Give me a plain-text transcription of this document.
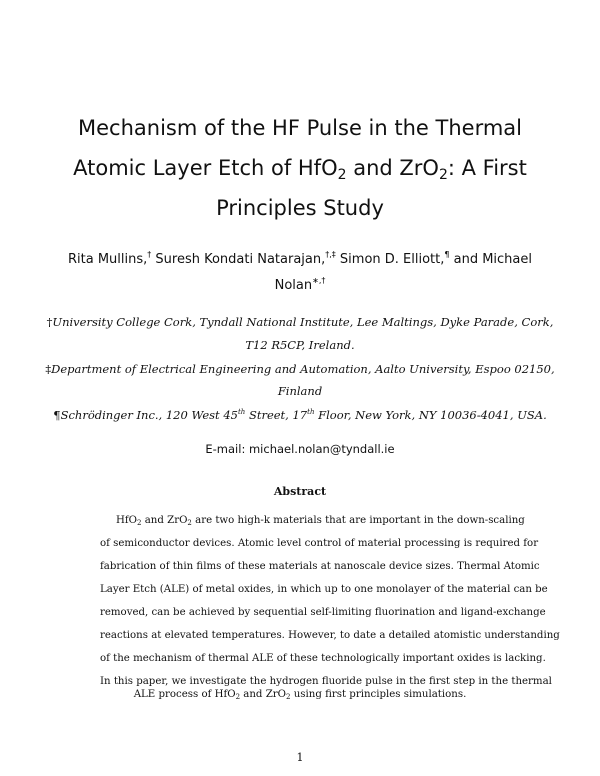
Mechanism of the HF Pulse in the Thermal
Atomic Layer Etch of HfO$_2$ and ZrO$_2$: A First
Principles Study
Rita Mullins,† Suresh Kondati Natarajan,†,‡ Simon D. Elliott,¶ and Michael
Nolan∗,†
†University College Cork, Tyndall National Institute, Lee Maltings, Dyke Parade, Cork,
T12 R5CP, Ireland.
‡Department of Electrical Engineering and Automation, Aalto University, Espoo 02150,
Finland
¶Schrödinger Inc., 120 West 45th Street, 17th Floor, New York, NY 10036-4041, USA.
E-mail: michael.nolan@tyndall.ie
Abstract
HfO$_2$ and ZrO$_2$ are two high-k materials that are important in the down-scaling
of semiconductor devices. Atomic level control of material processing is required for
fabrication of thin films of these materials at nanoscale device sizes. Thermal Atomic
Layer Etch (ALE) of metal oxides, in which up to one monolayer of the material can be
removed, can be achieved by sequential self-limiting fluorination and ligand-exchange
reactions at elevated temperatures. However, to date a detailed atomistic understanding
of the mechanism of thermal ALE of these technologically important oxides is lacking.
In this paper, we investigate the hydrogen fluoride pulse in the first step in the thermal
ALE process of HfO$_2$ and ZrO$_2$ using first principles simulations.
1
